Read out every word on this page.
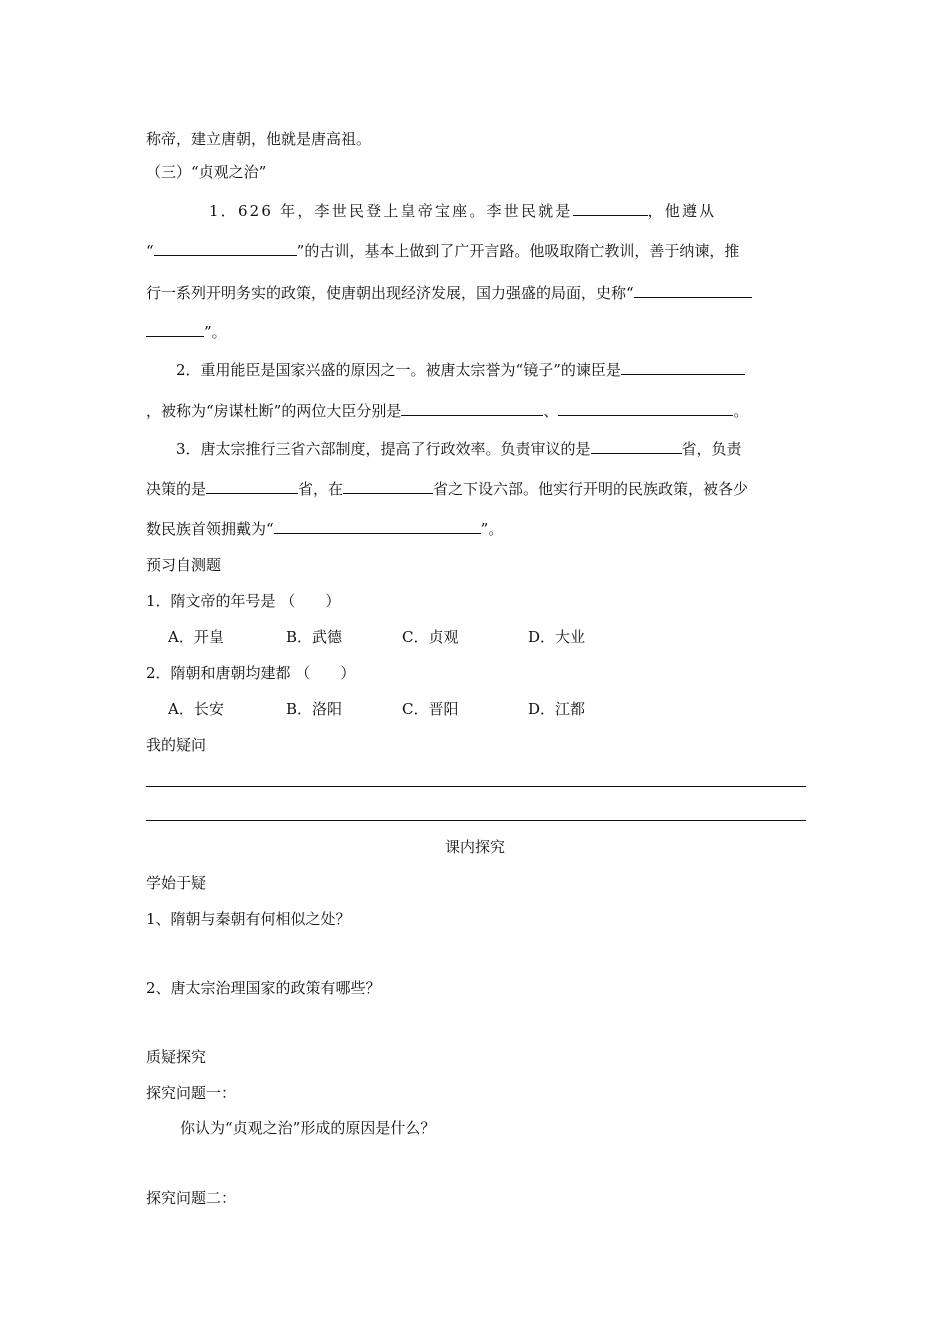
称帝，建立唐朝，他就是唐高祖。
（三）“贞观之治”
1．626 年，李世民登上皇帝宝座。李世民就是	，他遵从
“	”的古训，基本上做到了广开言路。他吸取隋亡教训，善于纳谏，推
行一系列开明务实的政策，使唐朝出现经济发展，国力强盛的局面，史称“
”。
2．重用能臣是国家兴盛的原因之一。被唐太宗誉为“镜子”的谏臣是
，被称为“房谋杜断”的两位大臣分别是	、	。
3．唐太宗推行三省六部制度，提高了行政效率。负责审议的是	省，负责
决策的是	省，在	省之下设六部。他实行开明的民族政策，被各少
数民族首领拥戴为“	”。
预习自测题
1．隋文帝的年号是 （　　）
A．开皇	B．武德	C．贞观	D．大业
2．隋朝和唐朝均建都 （　　）
A．长安	B．洛阳	C．晋阳	D．江都
我的疑问
课内探究
学始于疑
1、隋朝与秦朝有何相似之处？
2、唐太宗治理国家的政策有哪些？
质疑探究
探究问题一：
你认为“贞观之治”形成的原因是什么？
探究问题二：
